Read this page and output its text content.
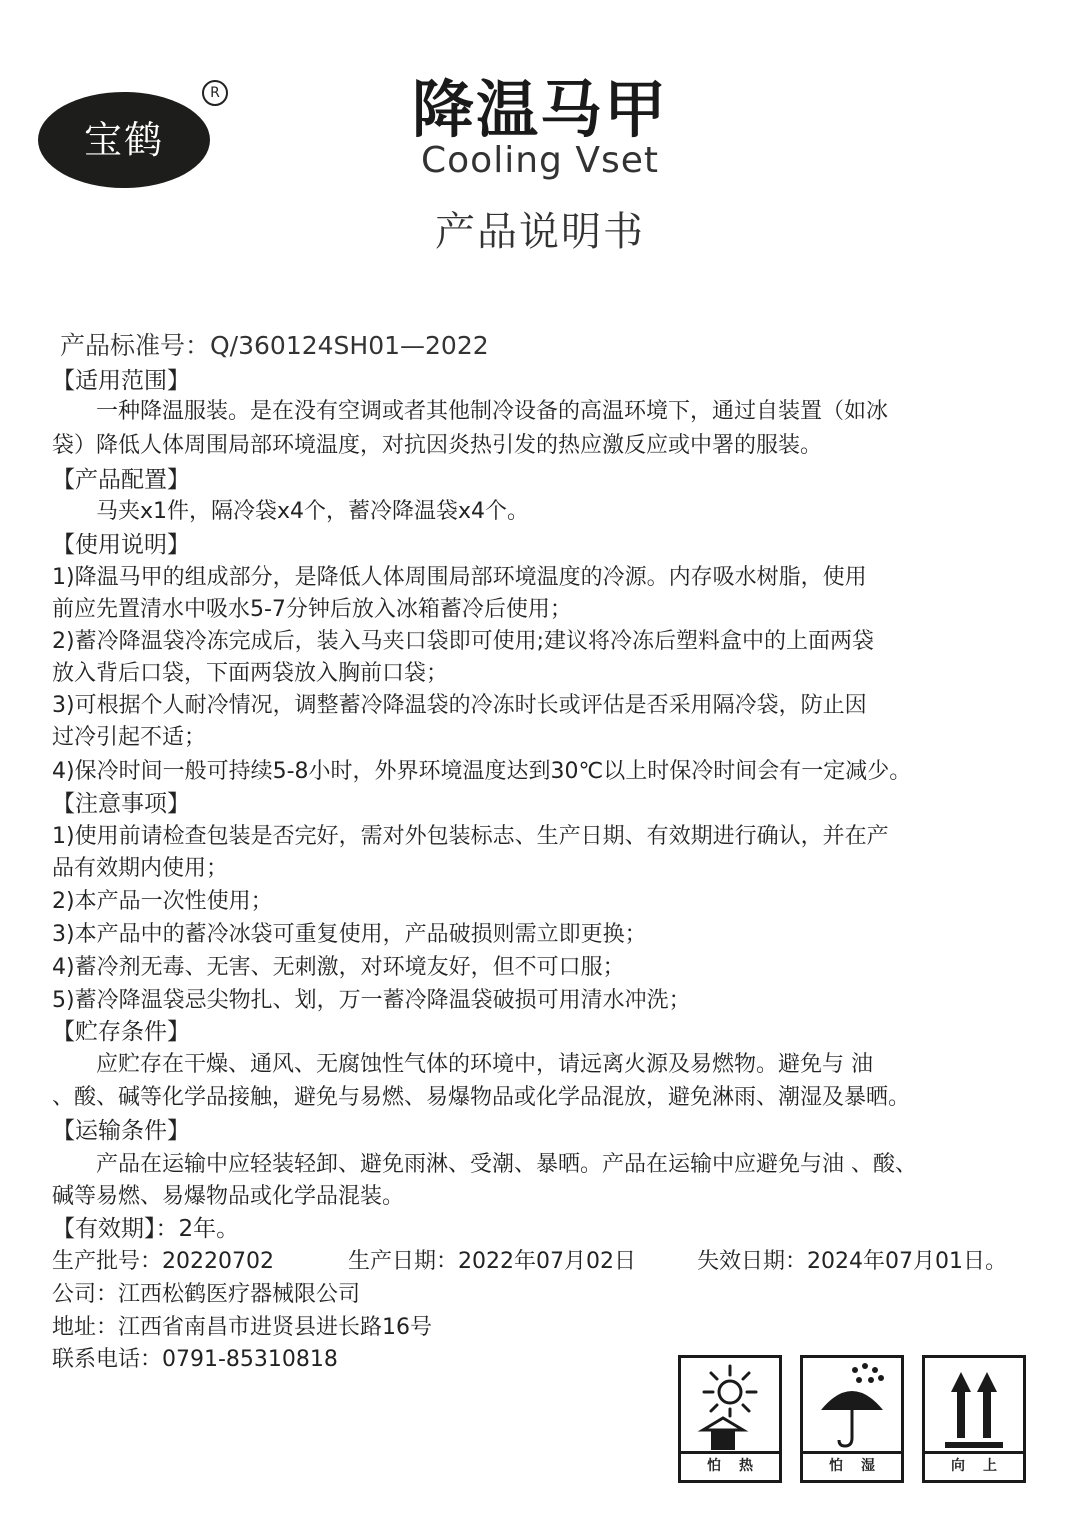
宝鹤
R	降温马甲
Cooling Vset
产品说明书
产品标准号：Q/360124SH01—2022
【适用范围】
　　一种降温服装。是在没有空调或者其他制冷设备的高温环境下，通过自装置（如冰
袋）降低人体周围局部环境温度，对抗因炎热引发的热应激反应或中署的服装。
【产品配置】
　　马夹x1件，隔冷袋x4个，蓄冷降温袋x4个。
【使用说明】
1)降温马甲的组成部分，是降低人体周围局部环境温度的冷源。内存吸水树脂，使用
前应先置清水中吸水5-7分钟后放入冰箱蓄冷后使用；
2)蓄冷降温袋冷冻完成后，装入马夹口袋即可使用;建议将冷冻后塑料盒中的上面两袋
放入背后口袋，下面两袋放入胸前口袋；
3)可根据个人耐冷情况，调整蓄冷降温袋的冷冻时长或评估是否采用隔冷袋，防止因
过冷引起不适；
4)保冷时间一般可持续5-8小时，外界环境温度达到30℃以上时保冷时间会有一定减少。
【注意事项】
1)使用前请检查包装是否完好，需对外包装标志、生产日期、有效期进行确认，并在产
品有效期内使用；
2)本产品一次性使用；
3)本产品中的蓄冷冰袋可重复使用，产品破损则需立即更换；
4)蓄冷剂无毒、无害、无刺激，对环境友好，但不可口服；
5)蓄冷降温袋忌尖物扎、划，万一蓄冷降温袋破损可用清水冲洗；
【贮存条件】
　　应贮存在干燥、通风、无腐蚀性气体的环境中，请远离火源及易燃物。避免与 油
、酸、碱等化学品接触，避免与易燃、易爆物品或化学品混放，避免淋雨、潮湿及暴晒。
【运输条件】
　　产品在运输中应轻装轻卸、避免雨淋、受潮、暴晒。产品在运输中应避免与油 、酸、
碱等易燃、易爆物品或化学品混装。
【有效期】：2年。
生产批号：20220702	生产日期：2022年07月02日	失效日期：2024年07月01日。
公司：江西松鹤医疗器械限公司
地址：江西省南昌市进贤县进长路16号
联系电话：0791-85310818
怕热	怕湿	向上
